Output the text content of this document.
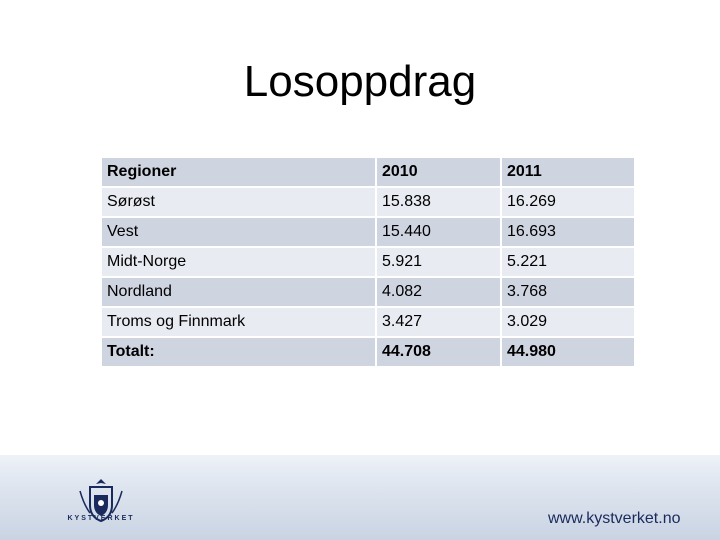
Losoppdrag
Regioner	2010	2011
Sørøst	15.838	16.269
Vest	15.440	16.693
Midt-Norge	5.921	5.221
Nordland	4.082	3.768
Troms og Finnmark	3.427	3.029
Totalt:	44.708	44.980
KYSTVERKET	www.kystverket.no
